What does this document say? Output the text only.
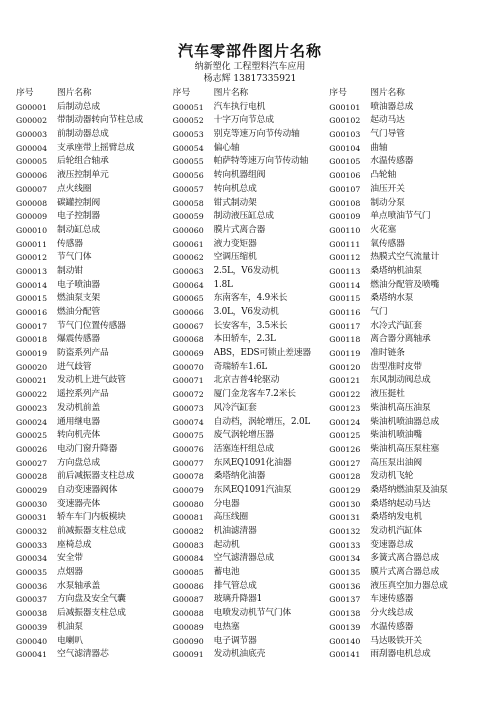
汽车零部件图片名称
纳新塑化 工程塑料汽车应用
杨志辉 13817335921
序号	图片名称
G00001	后制动总成
G00002	带制动器转向节柱总成
G00003	前制动器总成
G00004	支承座带上摇臂总成
G00005	后轮组合轴承
G00006	液压控制单元
G00007	点火线圈
G00008	碳罐控制阀
G00009	电子控制器
G00010	制动缸总成
G00011	传感器
G00012	节气门体
G00013	制动钳
G00014	电子喷油器
G00015	燃油泵支架
G00016	燃油分配管
G00017	节气门位置传感器
G00018	爆震传感器
G00019	防盗系列产品
G00020	进气歧管
G00021	发动机上进气歧管
G00022	遥控系列产品
G00023	发动机前盖
G00024	通用继电器
G00025	转向机壳体
G00026	电动门窗升降器
G00027	方向盘总成
G00028	前后减振器支柱总成
G00029	自动变速器阀体
G00030	变速器壳体
G00031	轿车车门内板模块
G00032	前减振器支柱总成
G00033	座椅总成
G00034	安全带
G00035	点烟器
G00036	水泵轴承盖
G00037	方向盘及安全气囊
G00038	后减振器支柱总成
G00039	机油泵
G00040	电喇叭
G00041	空气滤清器芯
序号	图片名称
G00051	汽车执行电机
G00052	十字万向节总成
G00053	别克等速万向节传动轴
G00054	偏心轴
G00055	帕萨特等速万向节传动轴
G00056	转向机器组阀
G00057	转向机总成
G00058	钳式制动架
G00059	制动液压缸总成
G00060	膜片式离合器
G00061	液力变矩器
G00062	空调压缩机
G00063	2.5L，V6发动机
G00064	1.8L
G00065	东南客车，4.9米长
G00066	3.0L，V6发动机
G00067	长安客车，3.5米长
G00068	本田轿车，2.3L
G00069	ABS，EDS可锁止差速器
G00070	奇瑞轿车1.6L
G00071	北京吉普4轮驱动
G00072	厦门金龙客车7.2米长
G00073	风冷汽缸套
G00074	自动档，涡轮增压，2.0L
G00075	废气涡轮增压器
G00076	活塞连杆组总成
G00077	东风EQ1091化油器
G00078	桑塔纳化油器
G00079	东风EQ1091汽油泵
G00080	分电器
G00081	高压线圈
G00082	机油滤清器
G00083	起动机
G00084	空气滤清器总成
G00085	蓄电池
G00086	排气管总成
G00087	玻璃升降器1
G00088	电喷发动机节气门体
G00089	电热塞
G00090	电子调节器
G00091	发动机油底壳
序号	图片名称
G00101	喷油器总成
G00102	起动马达
G00103	气门导管
G00104	曲轴
G00105	水温传感器
G00106	凸轮轴
G00107	油压开关
G00108	制动分泵
G00109	单点喷油节气门
G00110	火花塞
G00111	氧传感器
G00112	热膜式空气流量计
G00113	桑塔纳机油泵
G00114	燃油分配管及喷嘴
G00115	桑塔纳水泵
G00116	气门
G00117	水冷式汽缸套
G00118	离合器分离轴承
G00119	准时链条
G00120	齿型准时皮带
G00121	东风制动阀总成
G00122	液压挺杜
G00123	柴油机高压油泵
G00124	柴油机喷油器总成
G00125	柴油机喷油嘴
G00126	柴油机高压泵柱塞
G00127	高压泵出油阀
G00128	发动机飞轮
G00129	桑塔纳燃油泵及油泵
G00130	桑塔纳起动马达
G00131	桑塔纳发电机
G00132	发动机汽缸体
G00133	变速器总成
G00134	多簧式离合器总成
G00135	膜片式离合器总成
G00136	液压真空加力器总成
G00137	车速传感器
G00138	分火线总成
G00139	水温传感器
G00140	马达吸铁开关
G00141	雨刮器电机总成
